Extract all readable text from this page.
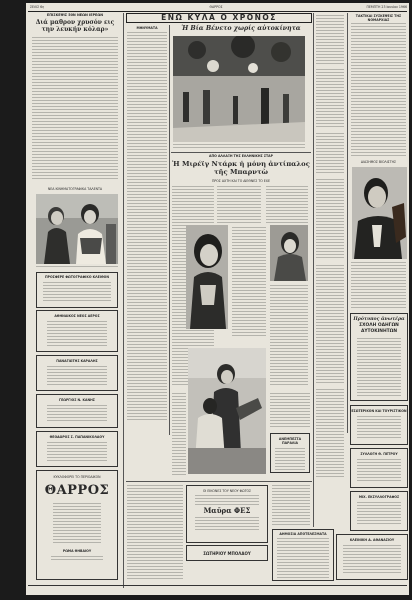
ΣΕΛΙΣ 6η	ΘΑΡΡΟΣ	ΠΕΜΠΤΗ 23 Ιουνίου 1966
ΕΠΙΣΚΕΨΙΣ 50Ν ΝΕΩΝ ΙΕΡΕΩΝ
Διά μαθρον χρυσόν εις την λευκήν κόλαρ»
ΝΕΑ ΚΙΝΗΜΑΤΟΓΡΑΦΙΚΑ ΤΑΛΕΝΤΑ
ΠΡΟΣΦΕΡΕ ΦΩΤΟΓΡΑΦΙΚΟ ΚΛΕΙΘΟΝ
ΑΘΗΝΑΙΚΟΣ ΝΕΟΣ ΑΕΡΟΣ
ΠΑΝΑΓΙΩΤΗΣ ΚΑΡΑΛΗΣ
ΓΕΩΡΓΙΟΣ Ν. ΚΑΝΗΣ
ΘΕΟΔΩΡΟΣ Σ. ΠΑΠΑΝΙΚΟΛΑΟΥ
ΚΥΚΛΟΦΟΡΕΙ ΤΟ ΠΕΡΙΟΔΙΚΟΝ
ΘΑΡΡΟΣ
ΡΩΜΑ ΘΗΒΑΙΟΥ
ΕΝΩ ΚΥΛΑ Ο ΧΡΟΝΟΣ
ΜΗΝΥΜΑΤΑ	Ἡ Βία Βένετο χωρίς αὐτοκίνητα
ΑΠΟ ΑΛΛΑΞΗ ΤΗΣ ΕΛΛΗΝΙΚΗΣ ΣΤΑΡ
Ἡ Μιρέϊγ Ντάρκ ἡ μόνη ἀντίπαλος τῆς Μπαρντὼ
ΠΡΟΣ ΑΧΤΗ ΚΑΙ ΤΟ ΔΙΕΘΝΕΣ ΤΟ ΕΧΕ
ΑΝΕΜΠΕΣΤΑ ΠΑΡΑΛΙΑ
ΟΙ ΕΙΚΟΝΕΣ ΤΟΥ ΝΕΟΥ ΦΩΤΟΣ
Μαῦρα ΦΕΣ
ΣΩΤΗΡΙΟΥ ΜΠΟΛΑΟΥ
ΔΗΜΟΣΙΑ ΑΠΟΤΕΛΕΣΜΑΤΑ
ΤΑΚΤΙΚΑΙ ΣΥΣΚΕΨΕΙΣ ΤΗΣ ΝΟΜΑΡΧΙΑΣ
ΔΙΑΣΗΜΟΣ ΒΙΟΛΙΣΤΗΣ
Πρότυπος ἀνωτέρα
ΣΧΟΛΗ ΟΔΗΓΩΝ ΑΥΤΟΚΙΝΗΤΩΝ
ΕΣΩΤΕΡΙΚΟΝ ΚΑΙ ΤΟΥΡΙΣΤΙΚΟΝ
ΣΥΛΛΟΓΗ Θ. ΠΕΤΡΟΥ
ΜΙΧ. ΕΚΣΥΛΛΟΓΡΑΦΟΣ
ΚΛΕΙΝΙΚΗ Δ. ΑΘΑΝΑΣΙΟΥ
